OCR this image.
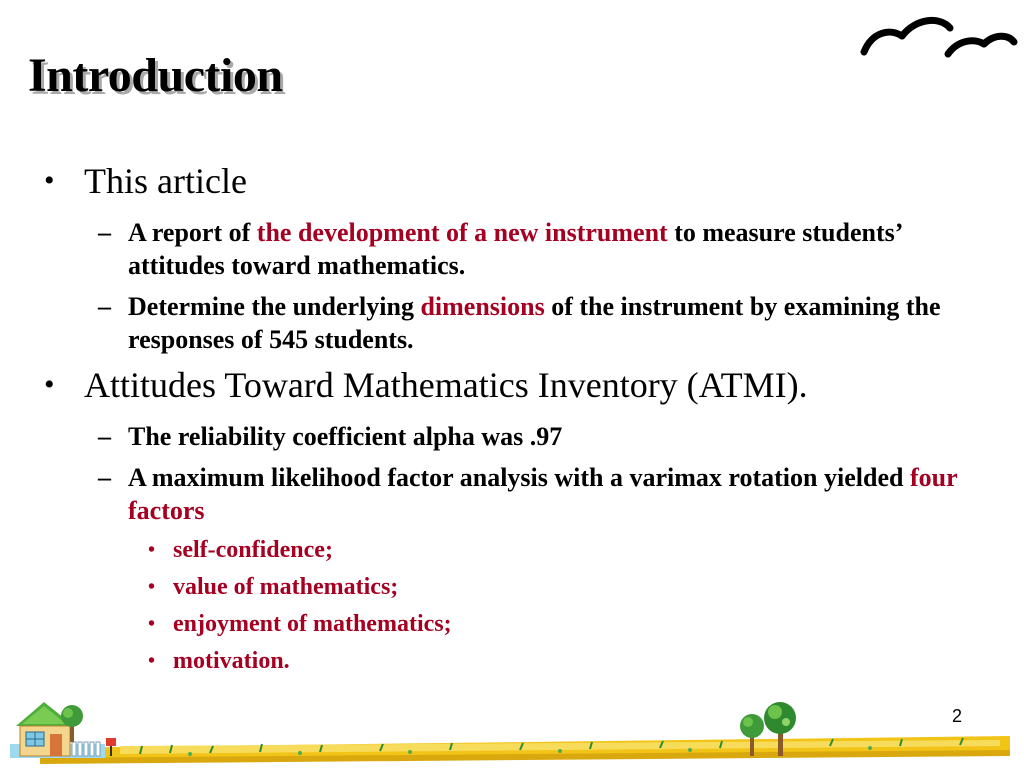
Introduction
• This article
– A report of the development of a new instrument to measure students’ attitudes toward mathematics.
– Determine the underlying dimensions of the instrument by examining the responses of 545 students.
• Attitudes Toward Mathematics Inventory (ATMI).
– The reliability coefficient alpha was .97
– A maximum likelihood factor analysis with a varimax rotation yielded four factors
• self-confidence;
• value of mathematics;
• enjoyment of mathematics;
• motivation.
2
